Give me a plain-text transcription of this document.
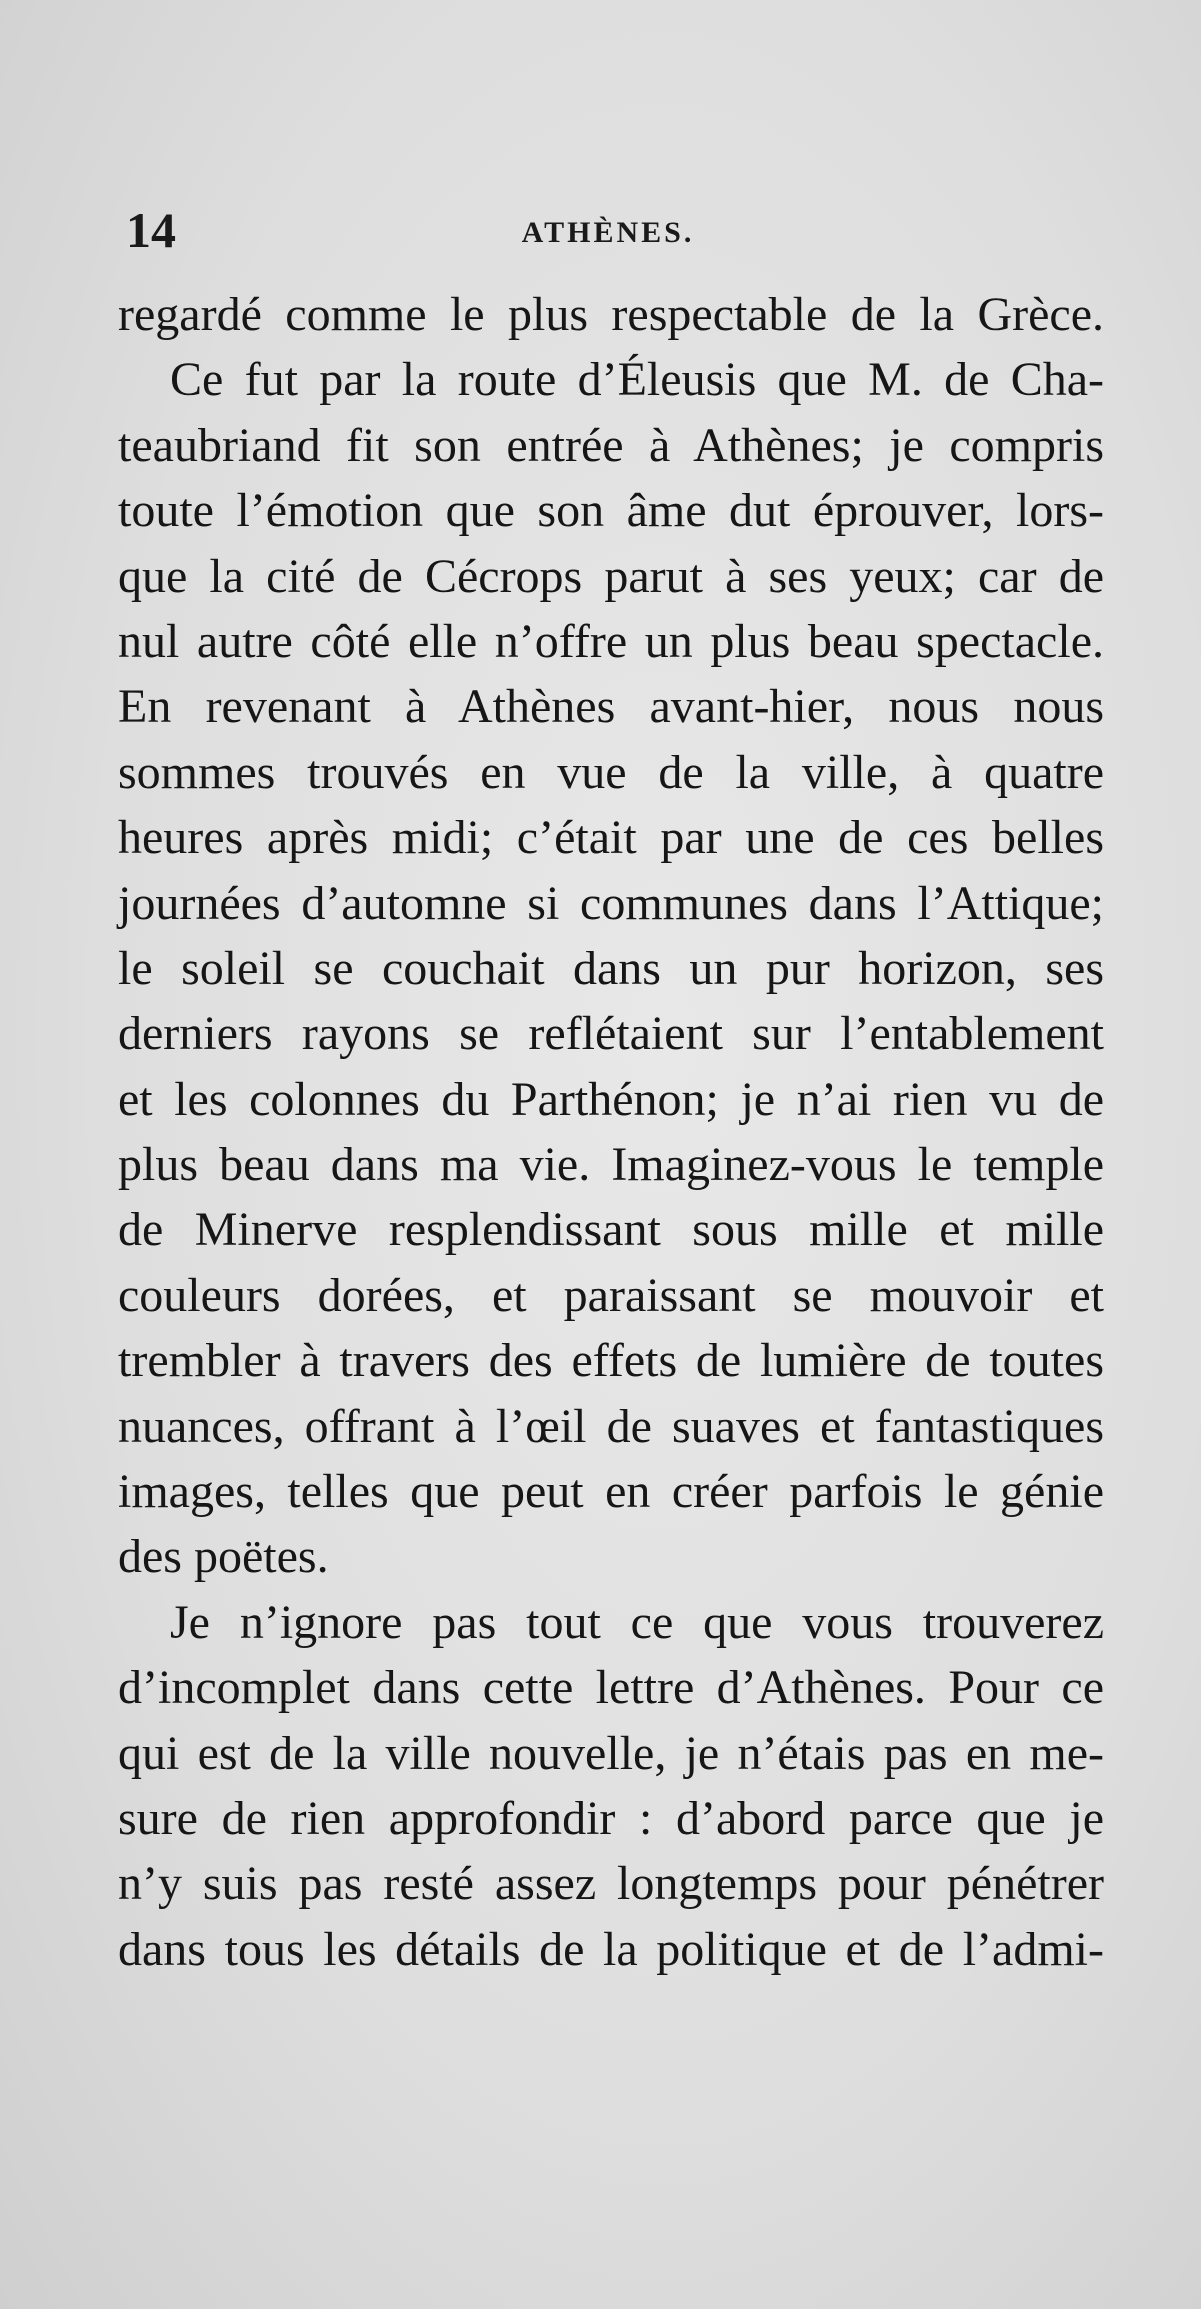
14	ATHÈNES.
regardé comme le plus respectable de la Grèce.
Ce fut par la route d’Éleusis que M. de Cha-
teaubriand fit son entrée à Athènes; je compris
toute l’émotion que son âme dut éprouver, lors-
que la cité de Cécrops parut à ses yeux; car de
nul autre côté elle n’offre un plus beau spectacle.
En revenant à Athènes avant-hier, nous nous
sommes trouvés en vue de la ville, à quatre
heures après midi; c’était par une de ces belles
journées d’automne si communes dans l’Attique;
le soleil se couchait dans un pur horizon, ses
derniers rayons se reflétaient sur l’entablement
et les colonnes du Parthénon; je n’ai rien vu de
plus beau dans ma vie. Imaginez-vous le temple
de Minerve resplendissant sous mille et mille
couleurs dorées, et paraissant se mouvoir et
trembler à travers des effets de lumière de toutes
nuances, offrant à l’œil de suaves et fantastiques
images, telles que peut en créer parfois le génie
des poëtes.
Je n’ignore pas tout ce que vous trouverez
d’incomplet dans cette lettre d’Athènes. Pour ce
qui est de la ville nouvelle, je n’étais pas en me-
sure de rien approfondir : d’abord parce que je
n’y suis pas resté assez longtemps pour pénétrer
dans tous les détails de la politique et de l’admi-
